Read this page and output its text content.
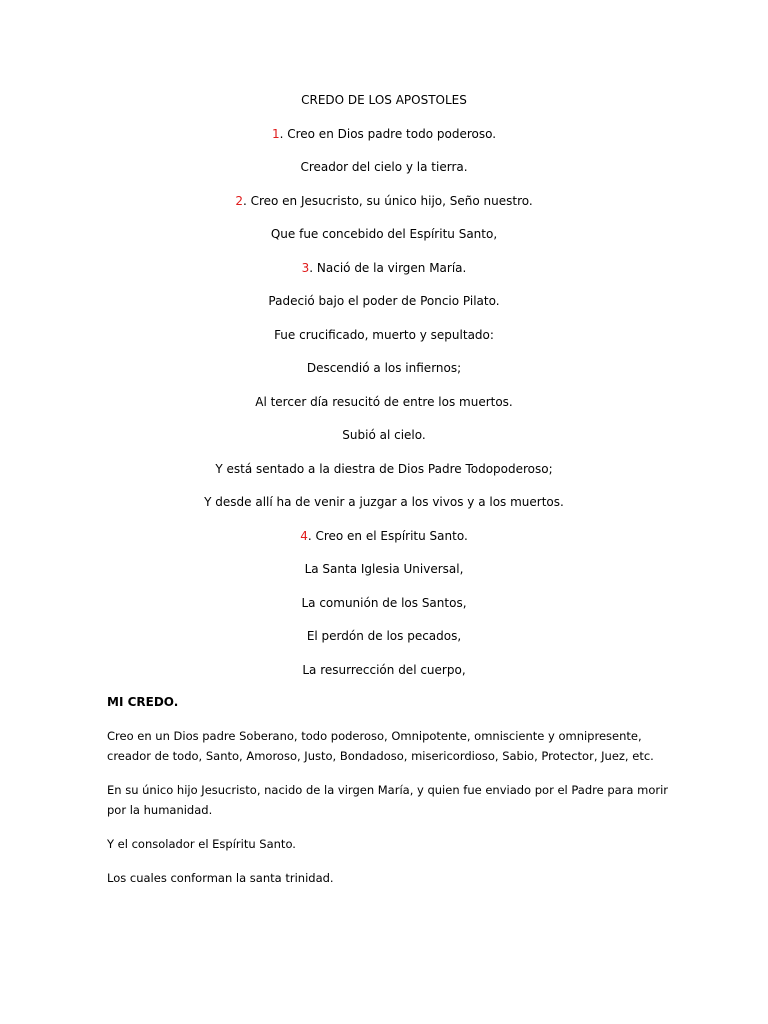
CREDO DE LOS APOSTOLES
1. Creo en Dios padre todo poderoso.
Creador del cielo y la tierra.
2. Creo en Jesucristo, su único hijo, Seño nuestro.
Que fue concebido del Espíritu Santo,
3. Nació de la virgen María.
Padeció bajo el poder de Poncio Pilato.
Fue crucificado, muerto y sepultado:
Descendió a los infiernos;
Al tercer día resucitó de entre los muertos.
Subió al cielo.
Y está sentado a la diestra de Dios Padre Todopoderoso;
Y desde allí ha de venir a juzgar a los vivos y a los muertos.
4. Creo en el Espíritu Santo.
La Santa Iglesia Universal,
La comunión de los Santos,
El perdón de los pecados,
La resurrección del cuerpo,
MI CREDO.

Creo en un Dios padre Soberano, todo poderoso, Omnipotente, omnisciente y omnipresente, creador de todo, Santo, Amoroso, Justo, Bondadoso, misericordioso, Sabio, Protector, Juez, etc.

En su único hijo Jesucristo, nacido de la virgen María, y quien fue enviado por el Padre para morir por la humanidad.

Y el consolador el Espíritu Santo.

Los cuales conforman la santa trinidad.
